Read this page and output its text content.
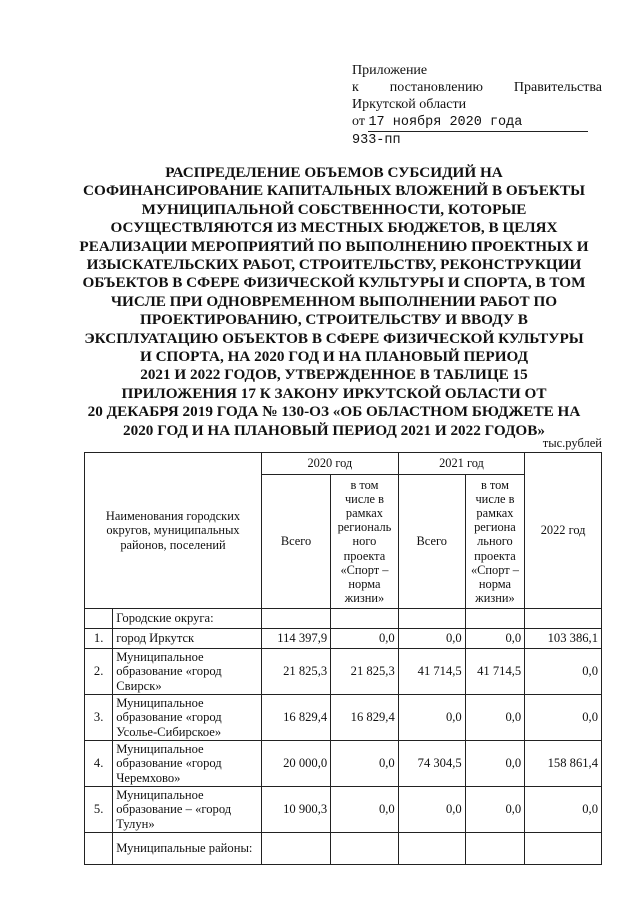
Приложение
к постановлению Правительства
Иркутской области
от 17 ноября 2020 года
933-пп
РАСПРЕДЕЛЕНИЕ ОБЪЕМОВ СУБСИДИЙ НА
СОФИНАНСИРОВАНИЕ КАПИТАЛЬНЫХ ВЛОЖЕНИЙ В ОБЪЕКТЫ
МУНИЦИПАЛЬНОЙ СОБСТВЕННОСТИ, КОТОРЫЕ
ОСУЩЕСТВЛЯЮТСЯ ИЗ МЕСТНЫХ БЮДЖЕТОВ, В ЦЕЛЯХ
РЕАЛИЗАЦИИ МЕРОПРИЯТИЙ ПО ВЫПОЛНЕНИЮ ПРОЕКТНЫХ И
ИЗЫСКАТЕЛЬСКИХ РАБОТ, СТРОИТЕЛЬСТВУ, РЕКОНСТРУКЦИИ
ОБЪЕКТОВ В СФЕРЕ ФИЗИЧЕСКОЙ КУЛЬТУРЫ И СПОРТА, В ТОМ
ЧИСЛЕ ПРИ ОДНОВРЕМЕННОМ ВЫПОЛНЕНИИ РАБОТ ПО
ПРОЕКТИРОВАНИЮ, СТРОИТЕЛЬСТВУ И ВВОДУ В
ЭКСПЛУАТАЦИЮ ОБЪЕКТОВ В СФЕРЕ ФИЗИЧЕСКОЙ КУЛЬТУРЫ
И СПОРТА, НА 2020 ГОД И НА ПЛАНОВЫЙ ПЕРИОД
2021 И 2022 ГОДОВ, УТВЕРЖДЕННОЕ В ТАБЛИЦЕ 15
ПРИЛОЖЕНИЯ 17 К ЗАКОНУ ИРКУТСКОЙ ОБЛАСТИ ОТ
20 ДЕКАБРЯ 2019 ГОДА № 130-ОЗ «ОБ ОБЛАСТНОМ БЮДЖЕТЕ НА
2020 ГОД И НА ПЛАНОВЫЙ ПЕРИОД 2021 И 2022 ГОДОВ»
тыс.рублей
Наименования городских округов, муниципальных районов, поселений		2020 год		2021 год		2022 год
		Всего	в том числе в рамках региональ ного проекта «Спорт – норма жизни»	Всего	в том числе в рамках региона льного проекта «Спорт – норма жизни»	
	Городские округа:					
1.	город Иркутск	114 397,9	0,0	0,0	0,0	103 386,1
2.	Муниципальное образование «город Свирск»	21 825,3	21 825,3	41 714,5	41 714,5	0,0
3.	Муниципальное образование «город Усолье-Сибирское»	16 829,4	16 829,4	0,0	0,0	0,0
4.	Муниципальное образование «город Черемхово»	20 000,0	0,0	74 304,5	0,0	158 861,4
5.	Муниципальное образование – «город Тулун»	10 900,3	0,0	0,0	0,0	0,0
	Муниципальные районы:					
